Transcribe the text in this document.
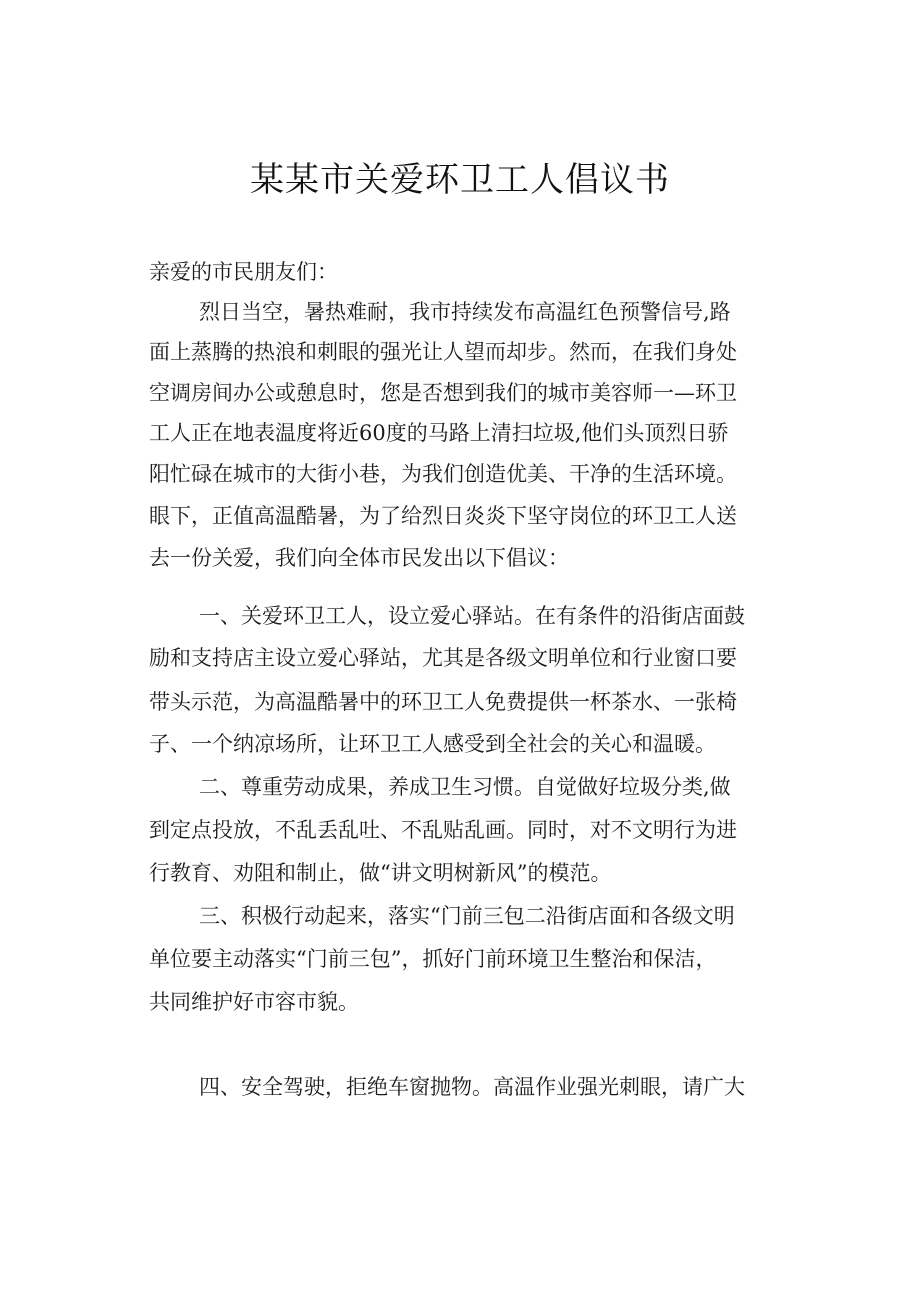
某某市关爱环卫工人倡议书
亲爱的市民朋友们：
烈日当空，暑热难耐，我市持续发布高温红色预警信号,路
面上蒸腾的热浪和刺眼的强光让人望而却步。然而，在我们身处
空调房间办公或憩息时，您是否想到我们的城市美容师一—环卫
工人正在地表温度将近60度的马路上清扫垃圾,他们头顶烈日骄
阳忙碌在城市的大街小巷，为我们创造优美、干净的生活环境。
眼下，正值高温酷暑，为了给烈日炎炎下坚守岗位的环卫工人送
去一份关爱，我们向全体市民发出以下倡议：
一、关爱环卫工人，设立爱心驿站。在有条件的沿街店面鼓
励和支持店主设立爱心驿站，尤其是各级文明单位和行业窗口要
带头示范，为高温酷暑中的环卫工人免费提供一杯茶水、一张椅
子、一个纳凉场所，让环卫工人感受到全社会的关心和温暖。
二、尊重劳动成果，养成卫生习惯。自觉做好垃圾分类,做
到定点投放，不乱丢乱吐、不乱贴乱画。同时，对不文明行为进
行教育、劝阻和制止，做“讲文明树新风”的模范。
三、积极行动起来，落实“门前三包二沿街店面和各级文明
单位要主动落实“门前三包”，抓好门前环境卫生整治和保洁，
共同维护好市容市貌。
四、安全驾驶，拒绝车窗抛物。高温作业强光刺眼，请广大
